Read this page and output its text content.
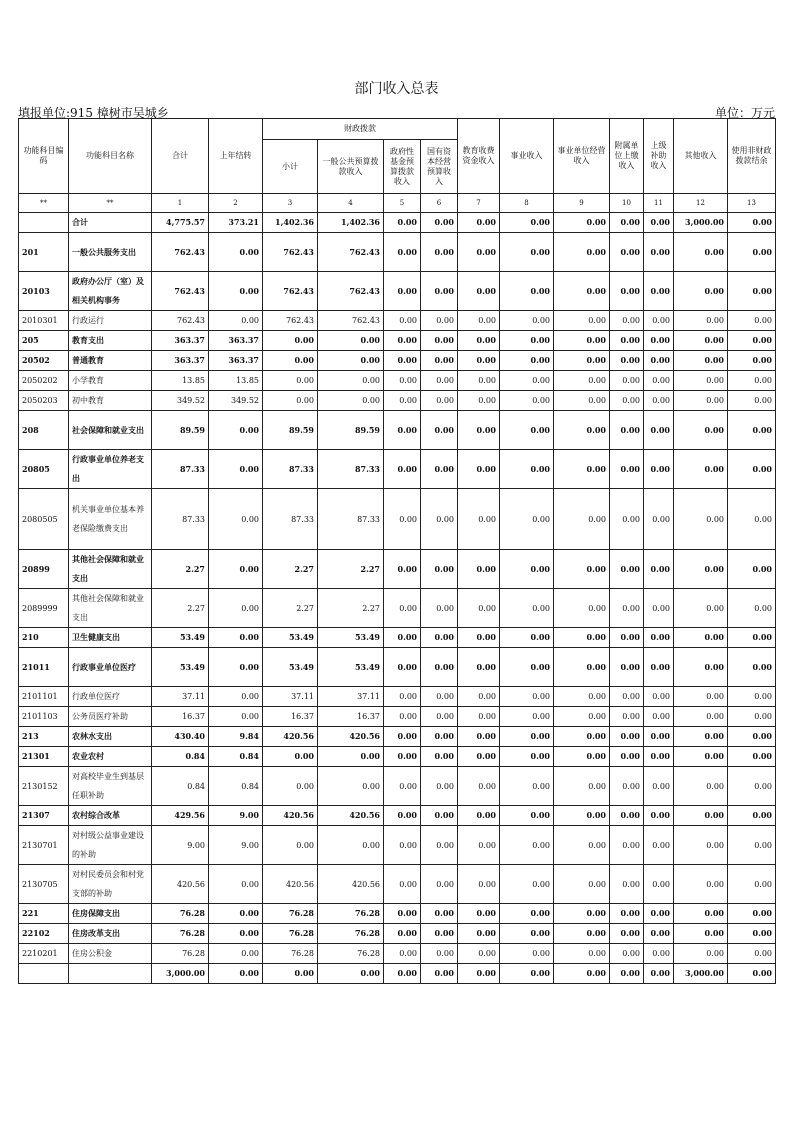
部门收入总表
填报单位:915 樟树市吴城乡	单位：万元
功能科目编码	功能科目名称	合计	上年结转	财政拨款				教育收费资金收入	事业收入	事业单位经营收入	附属单位上缴收入	上级补助收入	其他收入	使用非财政拨款结余
				小计	一般公共预算拨款收入	政府性基金预算拨款收入	国有资本经营预算收入							
**	**	1	2	3	4	5	6	7	8	9	10	11	12	13
	合计	4,775.57	373.21	1,402.36	1,402.36	0.00	0.00	0.00	0.00	0.00	0.00	0.00	3,000.00	0.00
201	一般公共服务支出	762.43	0.00	762.43	762.43	0.00	0.00	0.00	0.00	0.00	0.00	0.00	0.00	0.00
20103	政府办公厅（室）及相关机构事务	762.43	0.00	762.43	762.43	0.00	0.00	0.00	0.00	0.00	0.00	0.00	0.00	0.00
2010301	行政运行	762.43	0.00	762.43	762.43	0.00	0.00	0.00	0.00	0.00	0.00	0.00	0.00	0.00
205	教育支出	363.37	363.37	0.00	0.00	0.00	0.00	0.00	0.00	0.00	0.00	0.00	0.00	0.00
20502	普通教育	363.37	363.37	0.00	0.00	0.00	0.00	0.00	0.00	0.00	0.00	0.00	0.00	0.00
2050202	小学教育	13.85	13.85	0.00	0.00	0.00	0.00	0.00	0.00	0.00	0.00	0.00	0.00	0.00
2050203	初中教育	349.52	349.52	0.00	0.00	0.00	0.00	0.00	0.00	0.00	0.00	0.00	0.00	0.00
208	社会保障和就业支出	89.59	0.00	89.59	89.59	0.00	0.00	0.00	0.00	0.00	0.00	0.00	0.00	0.00
20805	行政事业单位养老支出	87.33	0.00	87.33	87.33	0.00	0.00	0.00	0.00	0.00	0.00	0.00	0.00	0.00
2080505	机关事业单位基本养老保险缴费支出	87.33	0.00	87.33	87.33	0.00	0.00	0.00	0.00	0.00	0.00	0.00	0.00	0.00
20899	其他社会保障和就业支出	2.27	0.00	2.27	2.27	0.00	0.00	0.00	0.00	0.00	0.00	0.00	0.00	0.00
2089999	其他社会保障和就业支出	2.27	0.00	2.27	2.27	0.00	0.00	0.00	0.00	0.00	0.00	0.00	0.00	0.00
210	卫生健康支出	53.49	0.00	53.49	53.49	0.00	0.00	0.00	0.00	0.00	0.00	0.00	0.00	0.00
21011	行政事业单位医疗	53.49	0.00	53.49	53.49	0.00	0.00	0.00	0.00	0.00	0.00	0.00	0.00	0.00
2101101	行政单位医疗	37.11	0.00	37.11	37.11	0.00	0.00	0.00	0.00	0.00	0.00	0.00	0.00	0.00
2101103	公务员医疗补助	16.37	0.00	16.37	16.37	0.00	0.00	0.00	0.00	0.00	0.00	0.00	0.00	0.00
213	农林水支出	430.40	9.84	420.56	420.56	0.00	0.00	0.00	0.00	0.00	0.00	0.00	0.00	0.00
21301	农业农村	0.84	0.84	0.00	0.00	0.00	0.00	0.00	0.00	0.00	0.00	0.00	0.00	0.00
2130152	对高校毕业生到基层任职补助	0.84	0.84	0.00	0.00	0.00	0.00	0.00	0.00	0.00	0.00	0.00	0.00	0.00
21307	农村综合改革	429.56	9.00	420.56	420.56	0.00	0.00	0.00	0.00	0.00	0.00	0.00	0.00	0.00
2130701	对村级公益事业建设的补助	9.00	9.00	0.00	0.00	0.00	0.00	0.00	0.00	0.00	0.00	0.00	0.00	0.00
2130705	对村民委员会和村党支部的补助	420.56	0.00	420.56	420.56	0.00	0.00	0.00	0.00	0.00	0.00	0.00	0.00	0.00
221	住房保障支出	76.28	0.00	76.28	76.28	0.00	0.00	0.00	0.00	0.00	0.00	0.00	0.00	0.00
22102	住房改革支出	76.28	0.00	76.28	76.28	0.00	0.00	0.00	0.00	0.00	0.00	0.00	0.00	0.00
2210201	住房公积金	76.28	0.00	76.28	76.28	0.00	0.00	0.00	0.00	0.00	0.00	0.00	0.00	0.00
		3,000.00	0.00	0.00	0.00	0.00	0.00	0.00	0.00	0.00	0.00	0.00	3,000.00	0.00
